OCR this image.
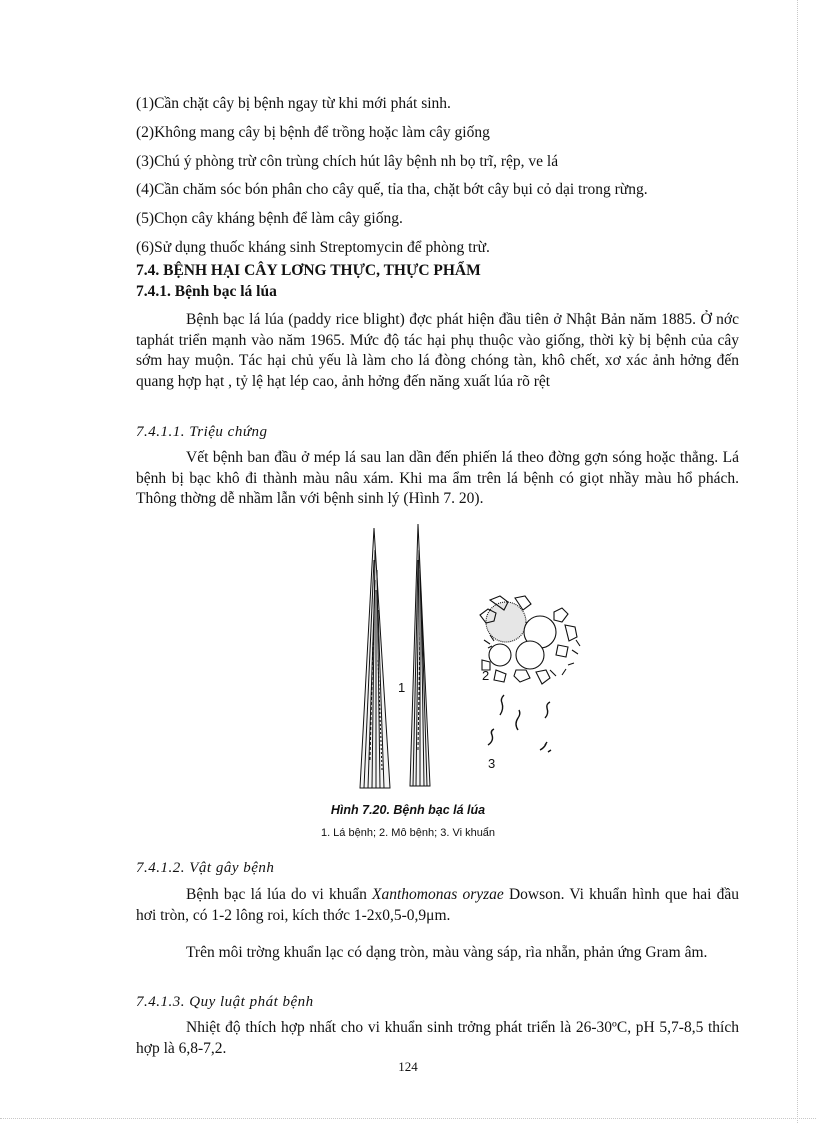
(1)Cần chặt cây bị bệnh ngay từ khi mới phát sinh.
(2)Không mang cây bị bệnh để trồng hoặc làm cây giống
(3)Chú ý phòng trừ côn trùng chích hút lây bệnh nh bọ trĩ, rệp, ve lá
(4)Cần chăm sóc bón phân cho cây quế, tỉa tha, chặt bớt cây bụi cỏ dại trong rừng.
(5)Chọn cây kháng bệnh để làm cây giống.
(6)Sử dụng thuốc kháng sinh Streptomycin để phòng trừ.
7.4. BỆNH HẠI CÂY LƠNG THỰC, THỰC PHẨM
7.4.1. Bệnh bạc lá lúa
Bệnh bạc lá lúa (paddy rice blight) đợc phát hiện đầu tiên ở Nhật Bản năm 1885. Ở nớc taphát triển mạnh vào năm 1965. Mức độ tác hại phụ thuộc vào giống, thời kỳ bị bệnh của cây sớm hay muộn. Tác hại chủ yếu là làm cho lá đòng chóng tàn, khô chết, xơ xác ảnh hởng đến quang hợp hạt , tỷ lệ hạt lép cao, ảnh hởng đến năng xuất lúa rõ rệt
7.4.1.1. Triệu chứng
Vết bệnh ban đầu ở mép lá sau lan dần đến phiến lá theo đờng gợn sóng hoặc thẳng. Lá bệnh bị bạc khô đi thành màu nâu xám. Khi ma ẩm trên lá bệnh có giọt nhầy màu hổ phách. Thông thờng dễ nhầm lẫn với bệnh sinh lý (Hình 7. 20).
1
2
3
Hình 7.20. Bệnh bạc lá lúa
1. Lá bệnh; 2. Mô bệnh; 3. Vi khuẩn
7.4.1.2. Vật gây bệnh
Bệnh bạc lá lúa do vi khuẩn Xanthomonas oryzae Dowson. Vi khuẩn hình que hai đầu hơi tròn, có 1-2 lông roi, kích thớc 1-2x0,5-0,9μm.
Trên môi trờng khuẩn lạc có dạng tròn, màu vàng sáp, rìa nhẵn, phản ứng Gram âm.
7.4.1.3. Quy luật phát bệnh
Nhiệt độ thích hợp nhất cho vi khuẩn sinh trởng phát triển là 26-30ºC, pH 5,7-8,5 thích hợp là 6,8-7,2.
124
